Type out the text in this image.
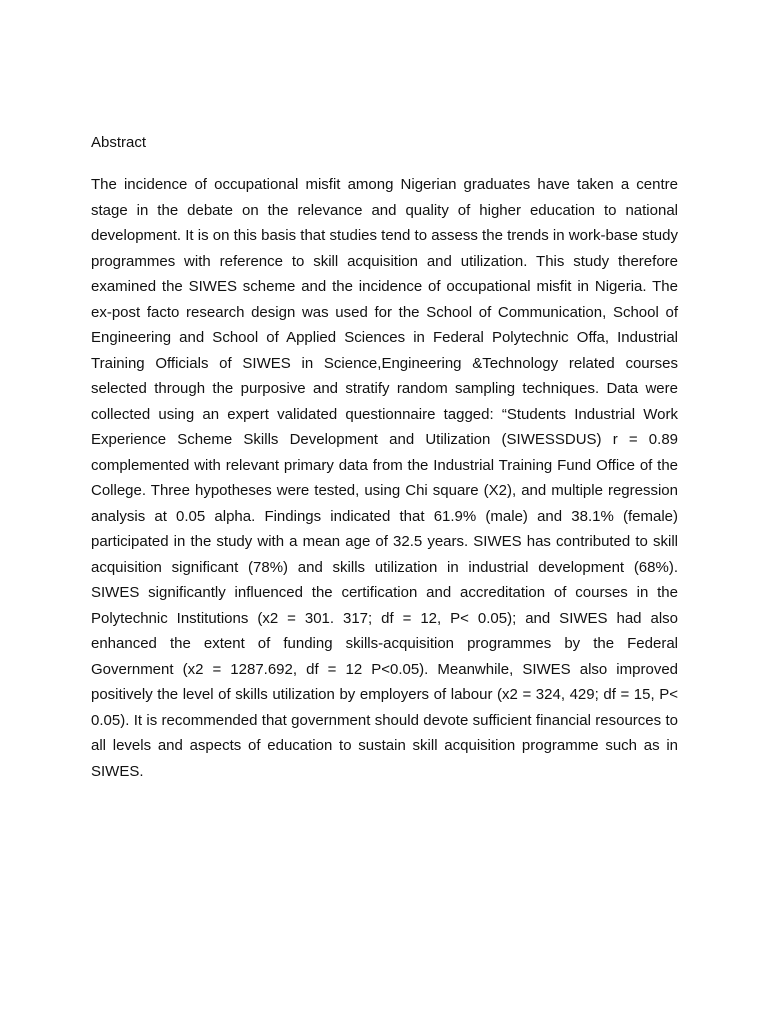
Abstract

The incidence of occupational misfit among Nigerian graduates have taken a centre stage in the debate on the relevance and quality of higher education to national development. It is on this basis that studies tend to assess the trends in work-base study programmes with reference to skill acquisition and utilization. This study therefore examined the SIWES scheme and the incidence of occupational misfit in Nigeria. The ex-post facto research design was used for the School of Communication, School of Engineering and School of Applied Sciences in Federal Polytechnic Offa, Industrial Training Officials of SIWES in Science,Engineering &Technology related courses selected through the purposive and stratify random sampling techniques. Data were collected using an expert validated questionnaire tagged: “Students Industrial Work Experience Scheme Skills Development and Utilization (SIWESSDUS) r = 0.89 complemented with relevant primary data from the Industrial Training Fund Office of the College. Three hypotheses were tested, using Chi square (X2), and multiple regression analysis at 0.05 alpha. Findings indicated that 61.9% (male) and 38.1% (female) participated in the study with a mean age of 32.5 years. SIWES has contributed to skill acquisition significant (78%) and skills utilization in industrial development (68%). SIWES significantly influenced the certification and accreditation of courses in the Polytechnic Institutions (x2 = 301. 317; df = 12, P< 0.05); and SIWES had also enhanced the extent of funding skills-acquisition programmes by the Federal Government (x2 = 1287.692, df = 12 P<0.05). Meanwhile, SIWES also improved positively the level of skills utilization by employers of labour (x2 = 324, 429; df = 15, P< 0.05). It is recommended that government should devote sufficient financial resources to all levels and aspects of education to sustain skill acquisition programme such as in SIWES.
